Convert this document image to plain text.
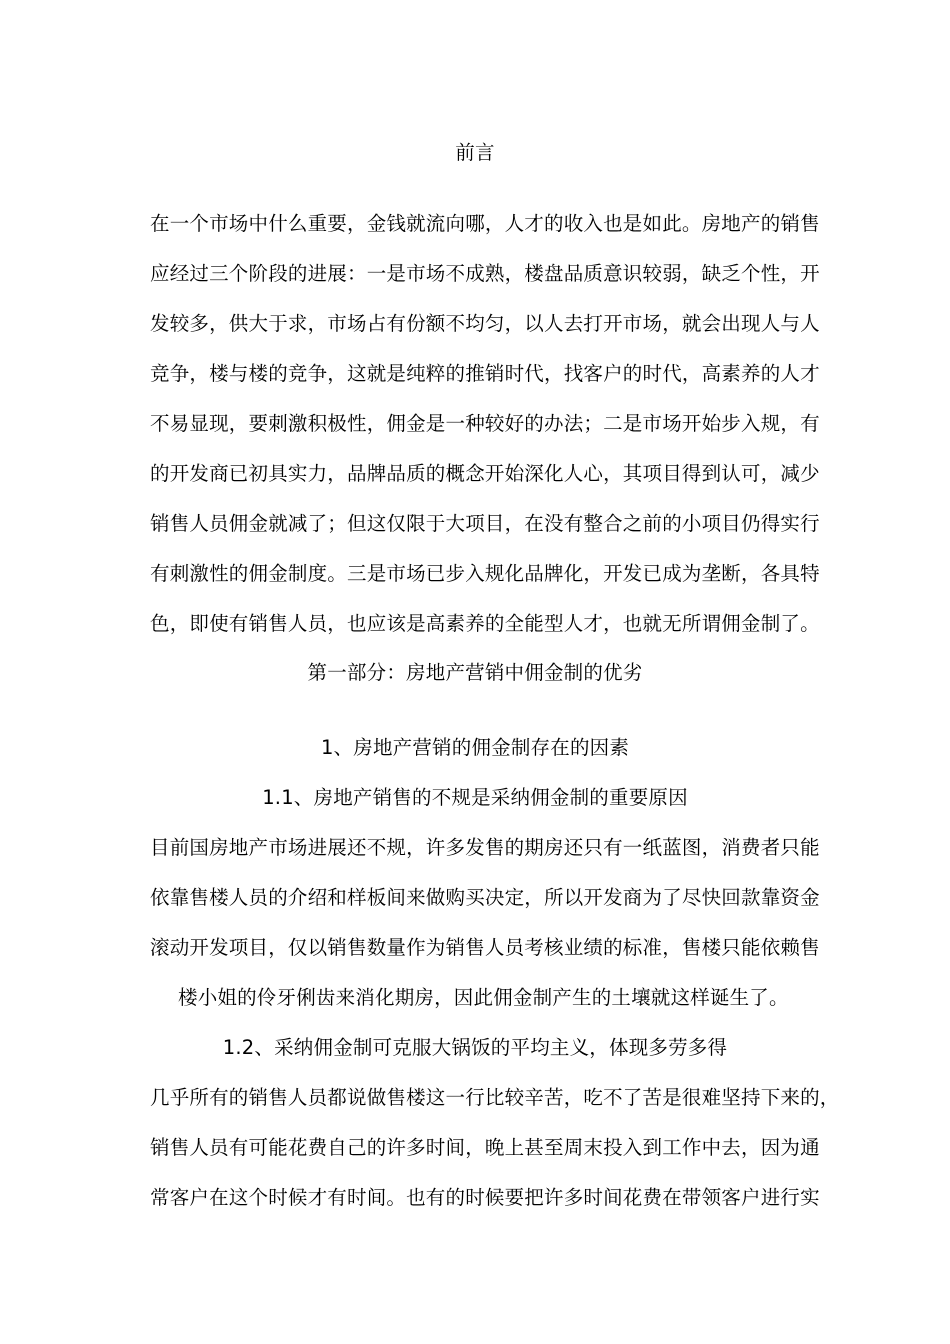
前言
在一个市场中什么重要，金钱就流向哪，人才的收入也是如此。房地产的销售
应经过三个阶段的进展：一是市场不成熟，楼盘品质意识较弱，缺乏个性，开
发较多，供大于求，市场占有份额不均匀，以人去打开市场，就会出现人与人
竞争，楼与楼的竞争，这就是纯粹的推销时代，找客户的时代，高素养的人才
不易显现，要刺激积极性，佣金是一种较好的办法；二是市场开始步入规，有
的开发商已初具实力，品牌品质的概念开始深化人心，其项目得到认可，减少
销售人员佣金就减了；但这仅限于大项目，在没有整合之前的小项目仍得实行
有刺激性的佣金制度。三是市场已步入规化品牌化，开发已成为垄断，各具特
色，即使有销售人员，也应该是高素养的全能型人才，也就无所谓佣金制了。
第一部分：房地产营销中佣金制的优劣
1、房地产营销的佣金制存在的因素
1.1、房地产销售的不规是采纳佣金制的重要原因
目前国房地产市场进展还不规，许多发售的期房还只有一纸蓝图，消费者只能
依靠售楼人员的介绍和样板间来做购买决定，所以开发商为了尽快回款靠资金
滚动开发项目，仅以销售数量作为销售人员考核业绩的标准，售楼只能依赖售
楼小姐的伶牙俐齿来消化期房，因此佣金制产生的土壤就这样诞生了。
1.2、采纳佣金制可克服大锅饭的平均主义，体现多劳多得
几乎所有的销售人员都说做售楼这一行比较辛苦，吃不了苦是很难坚持下来的，
销售人员有可能花费自己的许多时间，晚上甚至周末投入到工作中去，因为通
常客户在这个时候才有时间。也有的时候要把许多时间花费在带领客户进行实
